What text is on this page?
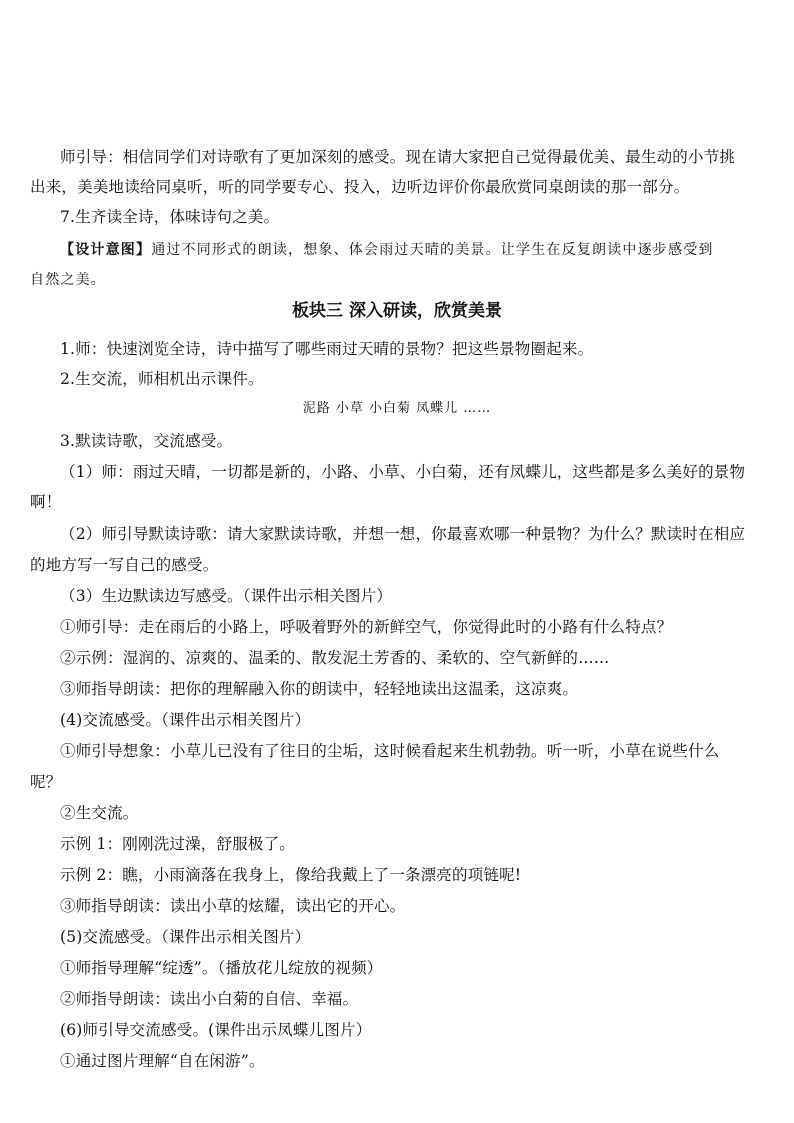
师引导：相信同学们对诗歌有了更加深刻的感受。现在请大家把自己觉得最优美、最生动的小节挑
出来，美美地读给同桌听，听的同学要专心、投入，边听边评价你最欣赏同桌朗读的那一部分。
7.生齐读全诗，体味诗句之美。
【设计意图】通过不同形式的朗读，想象、体会雨过天晴的美景。让学生在反复朗读中逐步感受到
自然之美。
板块三 深入研读，欣赏美景
1.师：快速浏览全诗，诗中描写了哪些雨过天晴的景物？把这些景物圈起来。
2.生交流，师相机出示课件。
泥路 小草 小白菊 凤蝶儿 ……
3.默读诗歌，交流感受。
（1）师：雨过天晴，一切都是新的，小路、小草、小白菊，还有凤蝶儿，这些都是多么美好的景物
啊！
（2）师引导默读诗歌：请大家默读诗歌，并想一想，你最喜欢哪一种景物？为什么？默读时在相应
的地方写一写自己的感受。
（3）生边默读边写感受。（课件出示相关图片）
①师引导：走在雨后的小路上，呼吸着野外的新鲜空气，你觉得此时的小路有什么特点？
②示例：湿润的、凉爽的、温柔的、散发泥土芳香的、柔软的、空气新鲜的……
③师指导朗读：把你的理解融入你的朗读中，轻轻地读出这温柔，这凉爽。
(4)交流感受。（课件出示相关图片）
①师引导想象：小草儿已没有了往日的尘垢，这时候看起来生机勃勃。听一听，小草在说些什么
呢？
②生交流。
示例 1：刚刚洗过澡，舒服极了。
示例 2：瞧，小雨滴落在我身上，像给我戴上了一条漂亮的项链呢!
③师指导朗读：读出小草的炫耀，读出它的开心。
(5)交流感受。（课件出示相关图片）
①师指导理解“绽透”。（播放花儿绽放的视频）
②师指导朗读：读出小白菊的自信、幸福。
(6)师引导交流感受。(课件出示凤蝶儿图片）
①通过图片理解“自在闲游”。
